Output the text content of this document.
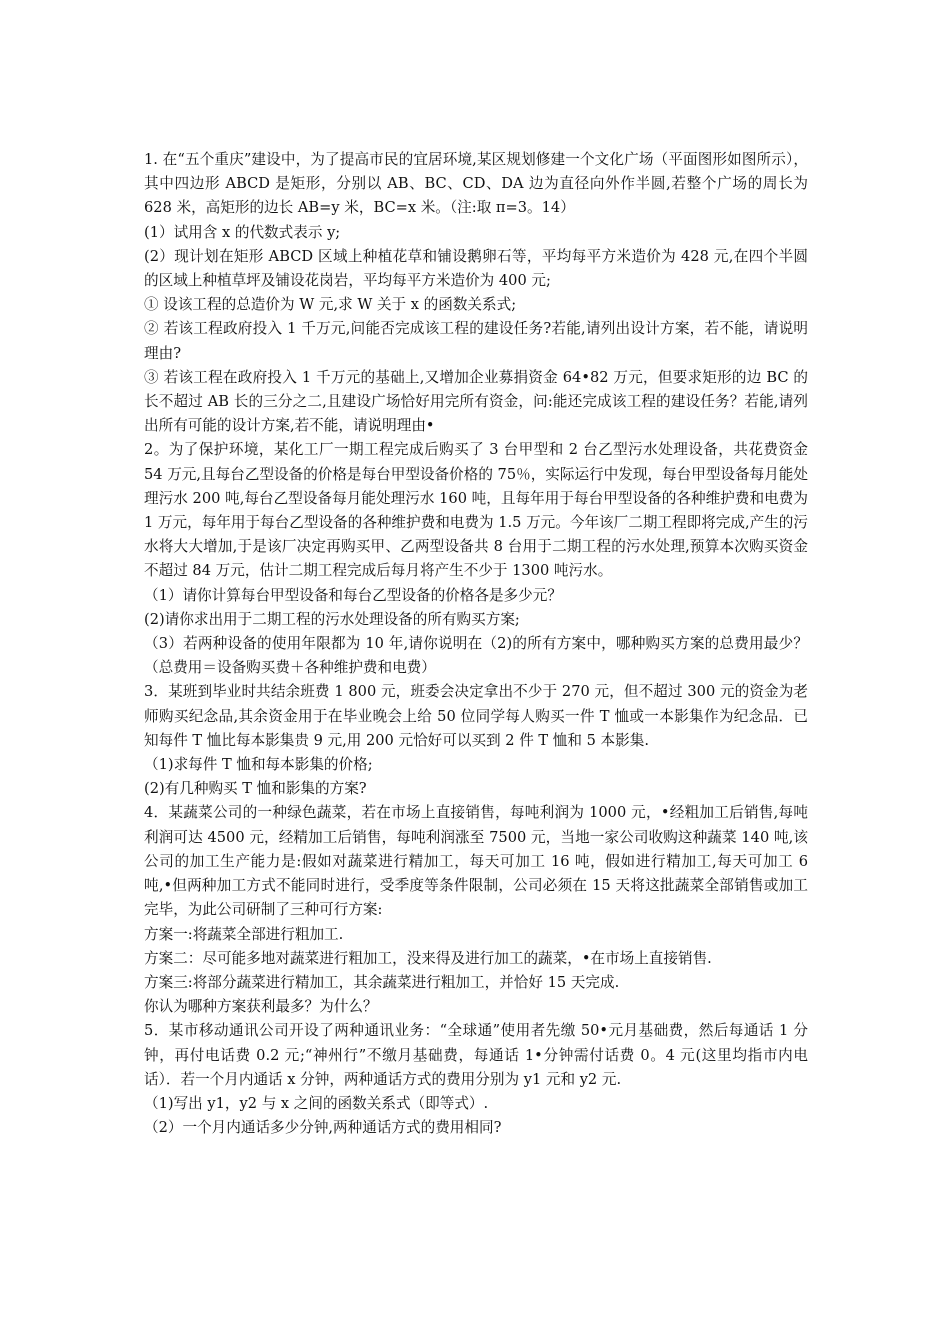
1. 在“五个重庆”建设中，为了提高市民的宜居环境,某区规划修建一个文化广场（平面图形如图所示），其中四边形 ABCD 是矩形，分别以 AB、BC、CD、DA 边为直径向外作半圆,若整个广场的周长为 628 米，高矩形的边长 AB=y 米，BC=x 米。（注:取 π=3。14）

(1）试用含 x 的代数式表示 y;

(2）现计划在矩形 ABCD 区域上种植花草和铺设鹅卵石等，平均每平方米造价为 428 元,在四个半圆的区域上种植草坪及铺设花岗岩，平均每平方米造价为 400 元;

① 设该工程的总造价为 W 元,求 W 关于 x 的函数关系式;

② 若该工程政府投入 1 千万元,问能否完成该工程的建设任务?若能,请列出设计方案，若不能，请说明理由?

③ 若该工程在政府投入 1 千万元的基础上,又增加企业募捐资金 64•82 万元，但要求矩形的边 BC 的长不超过 AB 长的三分之二,且建设广场恰好用完所有资金，问:能还完成该工程的建设任务？若能,请列出所有可能的设计方案,若不能，请说明理由•

2。为了保护环境，某化工厂一期工程完成后购买了 3 台甲型和 2 台乙型污水处理设备，共花费资金 54 万元,且每台乙型设备的价格是每台甲型设备价格的 75％，实际运行中发现，每台甲型设备每月能处理污水 200 吨,每台乙型设备每月能处理污水 160 吨，且每年用于每台甲型设备的各种维护费和电费为 1 万元，每年用于每台乙型设备的各种维护费和电费为 1.5 万元。今年该厂二期工程即将完成,产生的污水将大大增加,于是该厂决定再购买甲、乙两型设备共 8 台用于二期工程的污水处理,预算本次购买资金不超过 84 万元，估计二期工程完成后每月将产生不少于 1300 吨污水。

（1）请你计算每台甲型设备和每台乙型设备的价格各是多少元？

(2)请你求出用于二期工程的污水处理设备的所有购买方案;

（3）若两种设备的使用年限都为 10 年,请你说明在（2)的所有方案中，哪种购买方案的总费用最少？（总费用＝设备购买费＋各种维护费和电费）

3．某班到毕业时共结余班费 1 800 元，班委会决定拿出不少于 270 元，但不超过 300 元的资金为老师购买纪念品,其余资金用于在毕业晚会上给 50 位同学每人购买一件 T 恤或一本影集作为纪念品．已知每件 T 恤比每本影集贵 9 元,用 200 元恰好可以买到 2 件 T 恤和 5 本影集.

（1)求每件 T 恤和每本影集的价格;

(2)有几种购买 T 恤和影集的方案?

4．某蔬菜公司的一种绿色蔬菜，若在市场上直接销售，每吨利润为 1000 元，•经粗加工后销售,每吨利润可达 4500 元，经精加工后销售，每吨利润涨至 7500 元，当地一家公司收购这种蔬菜 140 吨,该公司的加工生产能力是:假如对蔬菜进行精加工，每天可加工 16 吨，假如进行精加工,每天可加工 6 吨,•但两种加工方式不能同时进行，受季度等条件限制，公司必须在 15 天将这批蔬菜全部销售或加工完毕，为此公司研制了三种可行方案:

方案一:将蔬菜全部进行粗加工.

方案二：尽可能多地对蔬菜进行粗加工，没来得及进行加工的蔬菜，•在市场上直接销售.

方案三:将部分蔬菜进行精加工，其余蔬菜进行粗加工，并恰好 15 天完成.

你认为哪种方案获利最多？为什么？

5．某市移动通讯公司开设了两种通讯业务：“全球通”使用者先缴 50•元月基础费，然后每通话 1 分钟，再付电话费 0.2 元;“神州行”不缴月基础费，每通话 1•分钟需付话费 0。4 元(这里均指市内电话）．若一个月内通话 x 分钟，两种通话方式的费用分别为 y1 元和 y2 元.

（1)写出 y1，y2 与 x 之间的函数关系式（即等式）.

（2）一个月内通话多少分钟,两种通话方式的费用相同?
